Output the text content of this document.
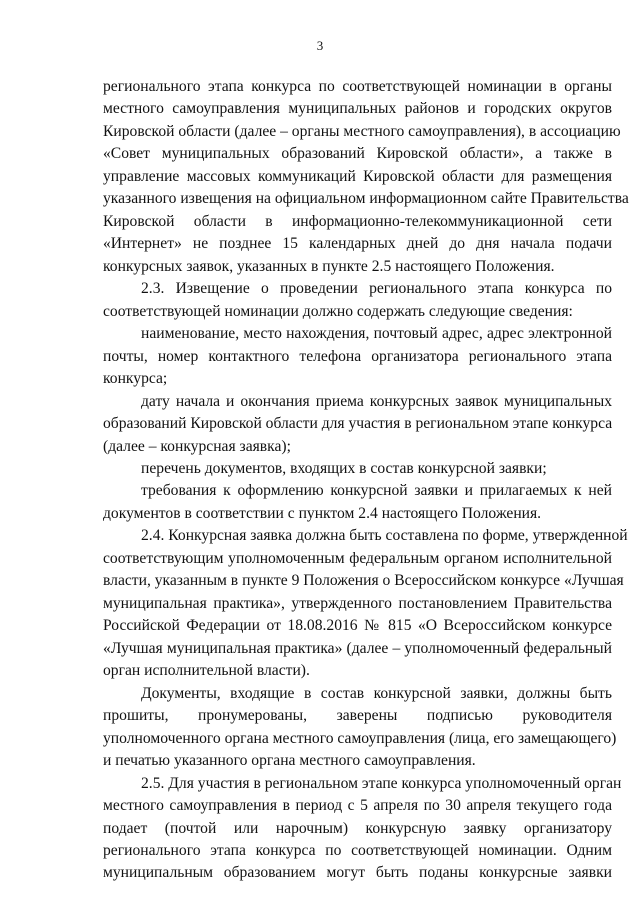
3
регионального этапа конкурса по соответствующей номинации в органы
местного самоуправления муниципальных районов и городских округов
Кировской области (далее – органы местного самоуправления), в ассоциацию
«Совет муниципальных образований Кировской области», а также в
управление массовых коммуникаций Кировской области для размещения
указанного извещения на официальном информационном сайте Правительства
Кировской области в информационно-телекоммуникационной сети
«Интернет» не позднее 15 календарных дней до дня начала подачи
конкурсных заявок, указанных в пункте 2.5 настоящего Положения.
2.3. Извещение о проведении регионального этапа конкурса по
соответствующей номинации должно содержать следующие сведения:
наименование, место нахождения, почтовый адрес, адрес электронной
почты, номер контактного телефона организатора регионального этапа
конкурса;
дату начала и окончания приема конкурсных заявок муниципальных
образований Кировской области для участия в региональном этапе конкурса
(далее – конкурсная заявка);
перечень документов, входящих в состав конкурсной заявки;
требования к оформлению конкурсной заявки и прилагаемых к ней
документов в соответствии с пунктом 2.4 настоящего Положения.
2.4. Конкурсная заявка должна быть составлена по форме, утвержденной
соответствующим уполномоченным федеральным органом исполнительной
власти, указанным в пункте 9 Положения о Всероссийском конкурсе «Лучшая
муниципальная практика», утвержденного постановлением Правительства
Российской Федерации от 18.08.2016 № 815 «О Всероссийском конкурсе
«Лучшая муниципальная практика» (далее – уполномоченный федеральный
орган исполнительной власти).
Документы, входящие в состав конкурсной заявки, должны быть
прошиты, пронумерованы, заверены подписью руководителя
уполномоченного органа местного самоуправления (лица, его замещающего)
и печатью указанного органа местного самоуправления.
2.5. Для участия в региональном этапе конкурса уполномоченный орган
местного самоуправления в период с 5 апреля по 30 апреля текущего года
подает (почтой или нарочным) конкурсную заявку организатору
регионального этапа конкурса по соответствующей номинации. Одним
муниципальным образованием могут быть поданы конкурсные заявки
